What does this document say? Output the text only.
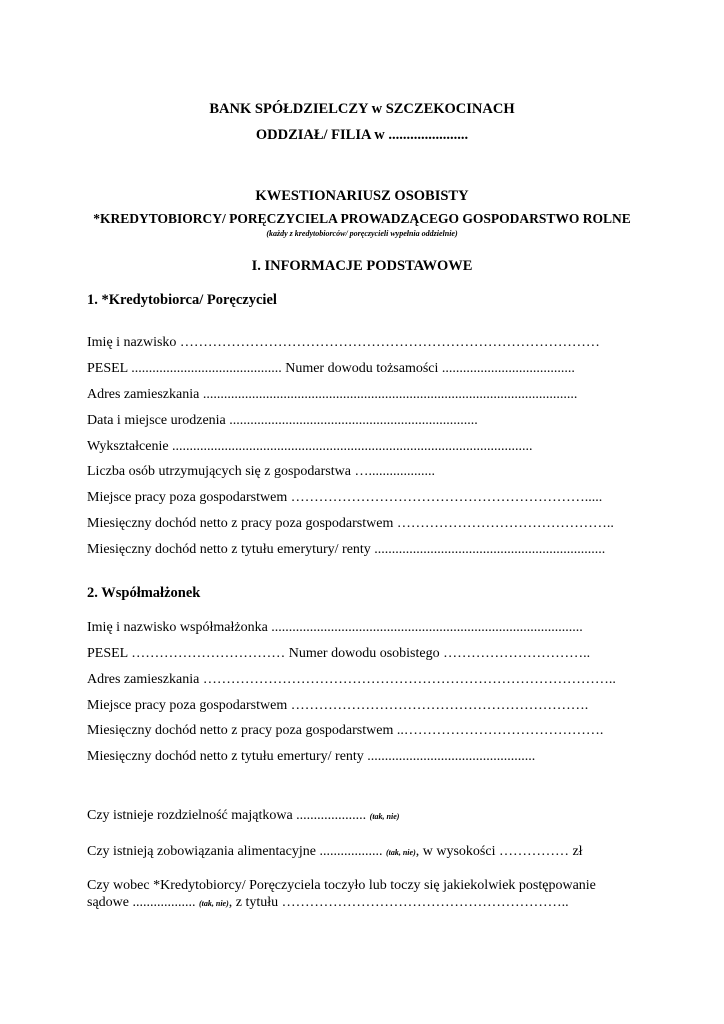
BANK SPÓŁDZIELCZY w SZCZEKOCINACH
ODDZIAŁ/ FILIA w ......................
KWESTIONARIUSZ OSOBISTY
*KREDYTOBIORCY/ PORĘCZYCIELA PROWADZĄCEGO GOSPODARSTWO ROLNE
(każdy z kredytobiorców/ poręczycieli wypełnia oddzielnie)
I. INFORMACJE PODSTAWOWE
1. *Kredytobiorca/ Poręczyciel
Imię i nazwisko ………………………………………………………………………………
PESEL ........................................... Numer dowodu tożsamości ......................................
Adres zamieszkania ...........................................................................................................
Data i miejsce urodzenia .......................................................................
Wykształcenie .......................................................................................................
Liczba osób utrzymujących się z gospodarstwa …...................
Miejsce pracy poza gospodarstwem ……………………………………………………….....
Miesięczny dochód netto z pracy poza gospodarstwem ………………………………………..
Miesięczny dochód netto z tytułu emerytury/ renty ..................................................................
2. Współmałżonek
Imię i nazwisko współmałżonka .........................................................................................
PESEL …………………………… Numer dowodu osobistego …………………………..
Adres zamieszkania ……………………………………………………………………………..
Miejsce pracy poza gospodarstwem ……………………………………………………….
Miesięczny dochód netto z pracy poza gospodarstwem ..…………………………………….
Miesięczny dochód netto z tytułu emertury/ renty ................................................
Czy istnieje rozdzielność majątkowa .................... (tak, nie)
Czy istnieją zobowiązania alimentacyjne .................. (tak, nie), w wysokości …………… zł
Czy wobec *Kredytobiorcy/ Poręczyciela toczyło lub toczy się jakiekolwiek postępowanie
sądowe .................. (tak, nie), z tytułu ……………………………………………………..
